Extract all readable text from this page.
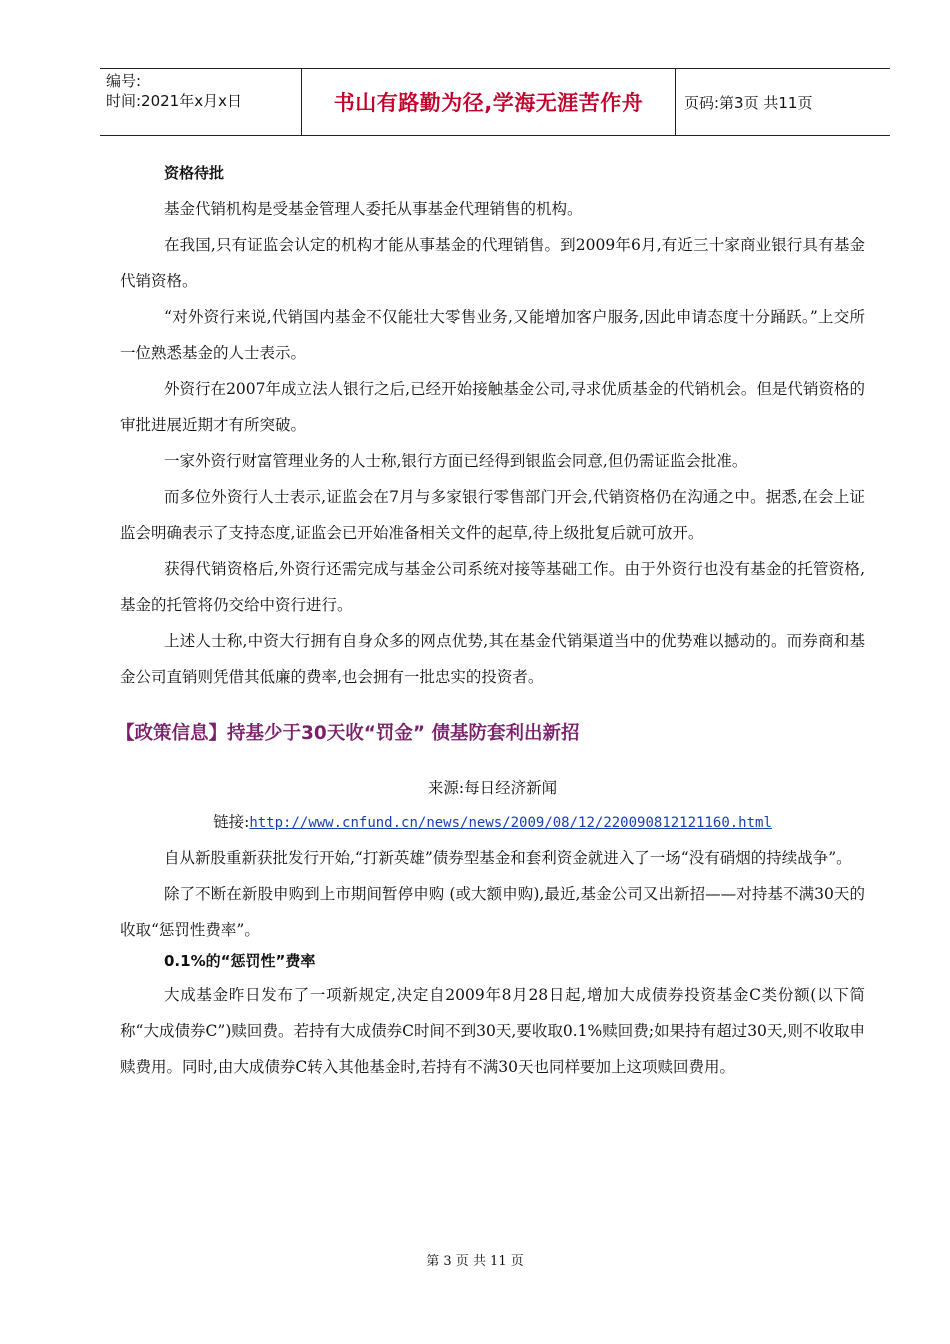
编号:
时间:2021年x月x日	书山有路勤为径,学海无涯苦作舟	页码:第3页 共11页
资格待批

基金代销机构是受基金管理人委托从事基金代理销售的机构。

在我国,只有证监会认定的机构才能从事基金的代理销售。到2009年6月,有近三十家商业银行具有基金代销资格。

“对外资行来说,代销国内基金不仅能壮大零售业务,又能增加客户服务,因此申请态度十分踊跃。”上交所一位熟悉基金的人士表示。

外资行在2007年成立法人银行之后,已经开始接触基金公司,寻求优质基金的代销机会。但是代销资格的审批进展近期才有所突破。

一家外资行财富管理业务的人士称,银行方面已经得到银监会同意,但仍需证监会批准。

而多位外资行人士表示,证监会在7月与多家银行零售部门开会,代销资格仍在沟通之中。据悉,在会上证监会明确表示了支持态度,证监会已开始准备相关文件的起草,待上级批复后就可放开。

获得代销资格后,外资行还需完成与基金公司系统对接等基础工作。由于外资行也没有基金的托管资格,基金的托管将仍交给中资行进行。

上述人士称,中资大行拥有自身众多的网点优势,其在基金代销渠道当中的优势难以撼动的。而券商和基金公司直销则凭借其低廉的费率,也会拥有一批忠实的投资者。

【政策信息】持基少于30天收“罚金” 债基防套利出新招

来源:每日经济新闻

链接:http://www.cnfund.cn/news/news/2009/08/12/220090812121160.html

自从新股重新获批发行开始,“打新英雄”债券型基金和套利资金就进入了一场“没有硝烟的持续战争”。

除了不断在新股申购到上市期间暂停申购 (或大额申购),最近,基金公司又出新招——对持基不满30天的收取“惩罚性费率”。

0.1%的“惩罚性”费率

大成基金昨日发布了一项新规定,决定自2009年8月28日起,增加大成债券投资基金C类份额(以下简称“大成债券C”)赎回费。若持有大成债券C时间不到30天,要收取0.1%赎回费;如果持有超过30天,则不收取申赎费用。同时,由大成债券C转入其他基金时,若持有不满30天也同样要加上这项赎回费用。

第 3 页 共 11 页
